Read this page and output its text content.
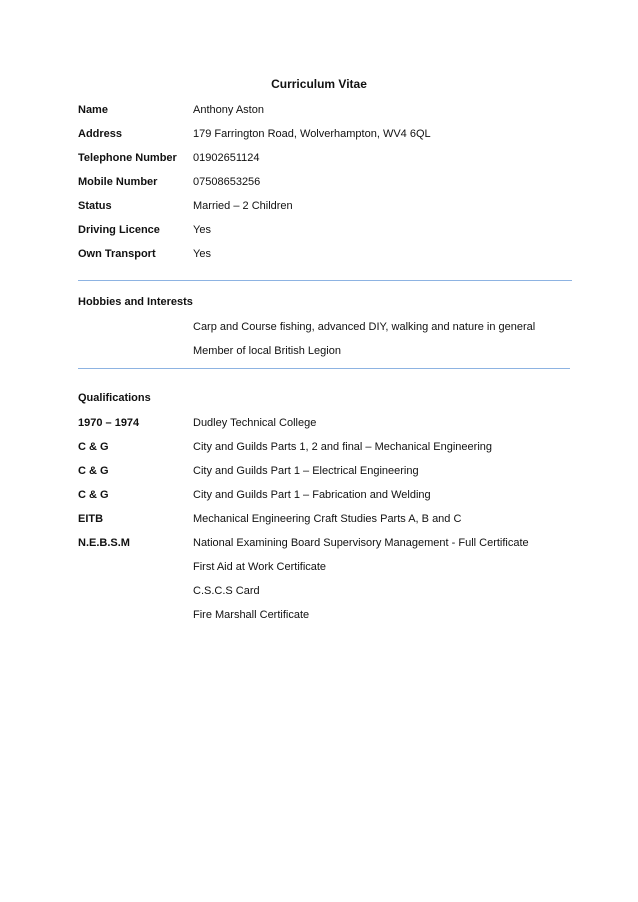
Curriculum Vitae
Name	Anthony Aston
Address	179 Farrington Road, Wolverhampton, WV4 6QL
Telephone Number 01902651124
Mobile Number	07508653256
Status	Married – 2 Children
Driving Licence	Yes
Own Transport	Yes
Hobbies and Interests
Carp and Course fishing, advanced DIY, walking and nature in general
Member of local British Legion
Qualifications
1970 – 1974	Dudley Technical College
C & G	City and Guilds Parts 1, 2 and final – Mechanical Engineering
C & G	City and Guilds Part 1 – Electrical Engineering
C & G	City and Guilds Part 1 – Fabrication and Welding
EITB	Mechanical Engineering Craft Studies Parts A, B and C
N.E.B.S.M	National Examining Board Supervisory Management - Full Certificate
First Aid at Work Certificate
C.S.C.S Card
Fire Marshall Certificate
